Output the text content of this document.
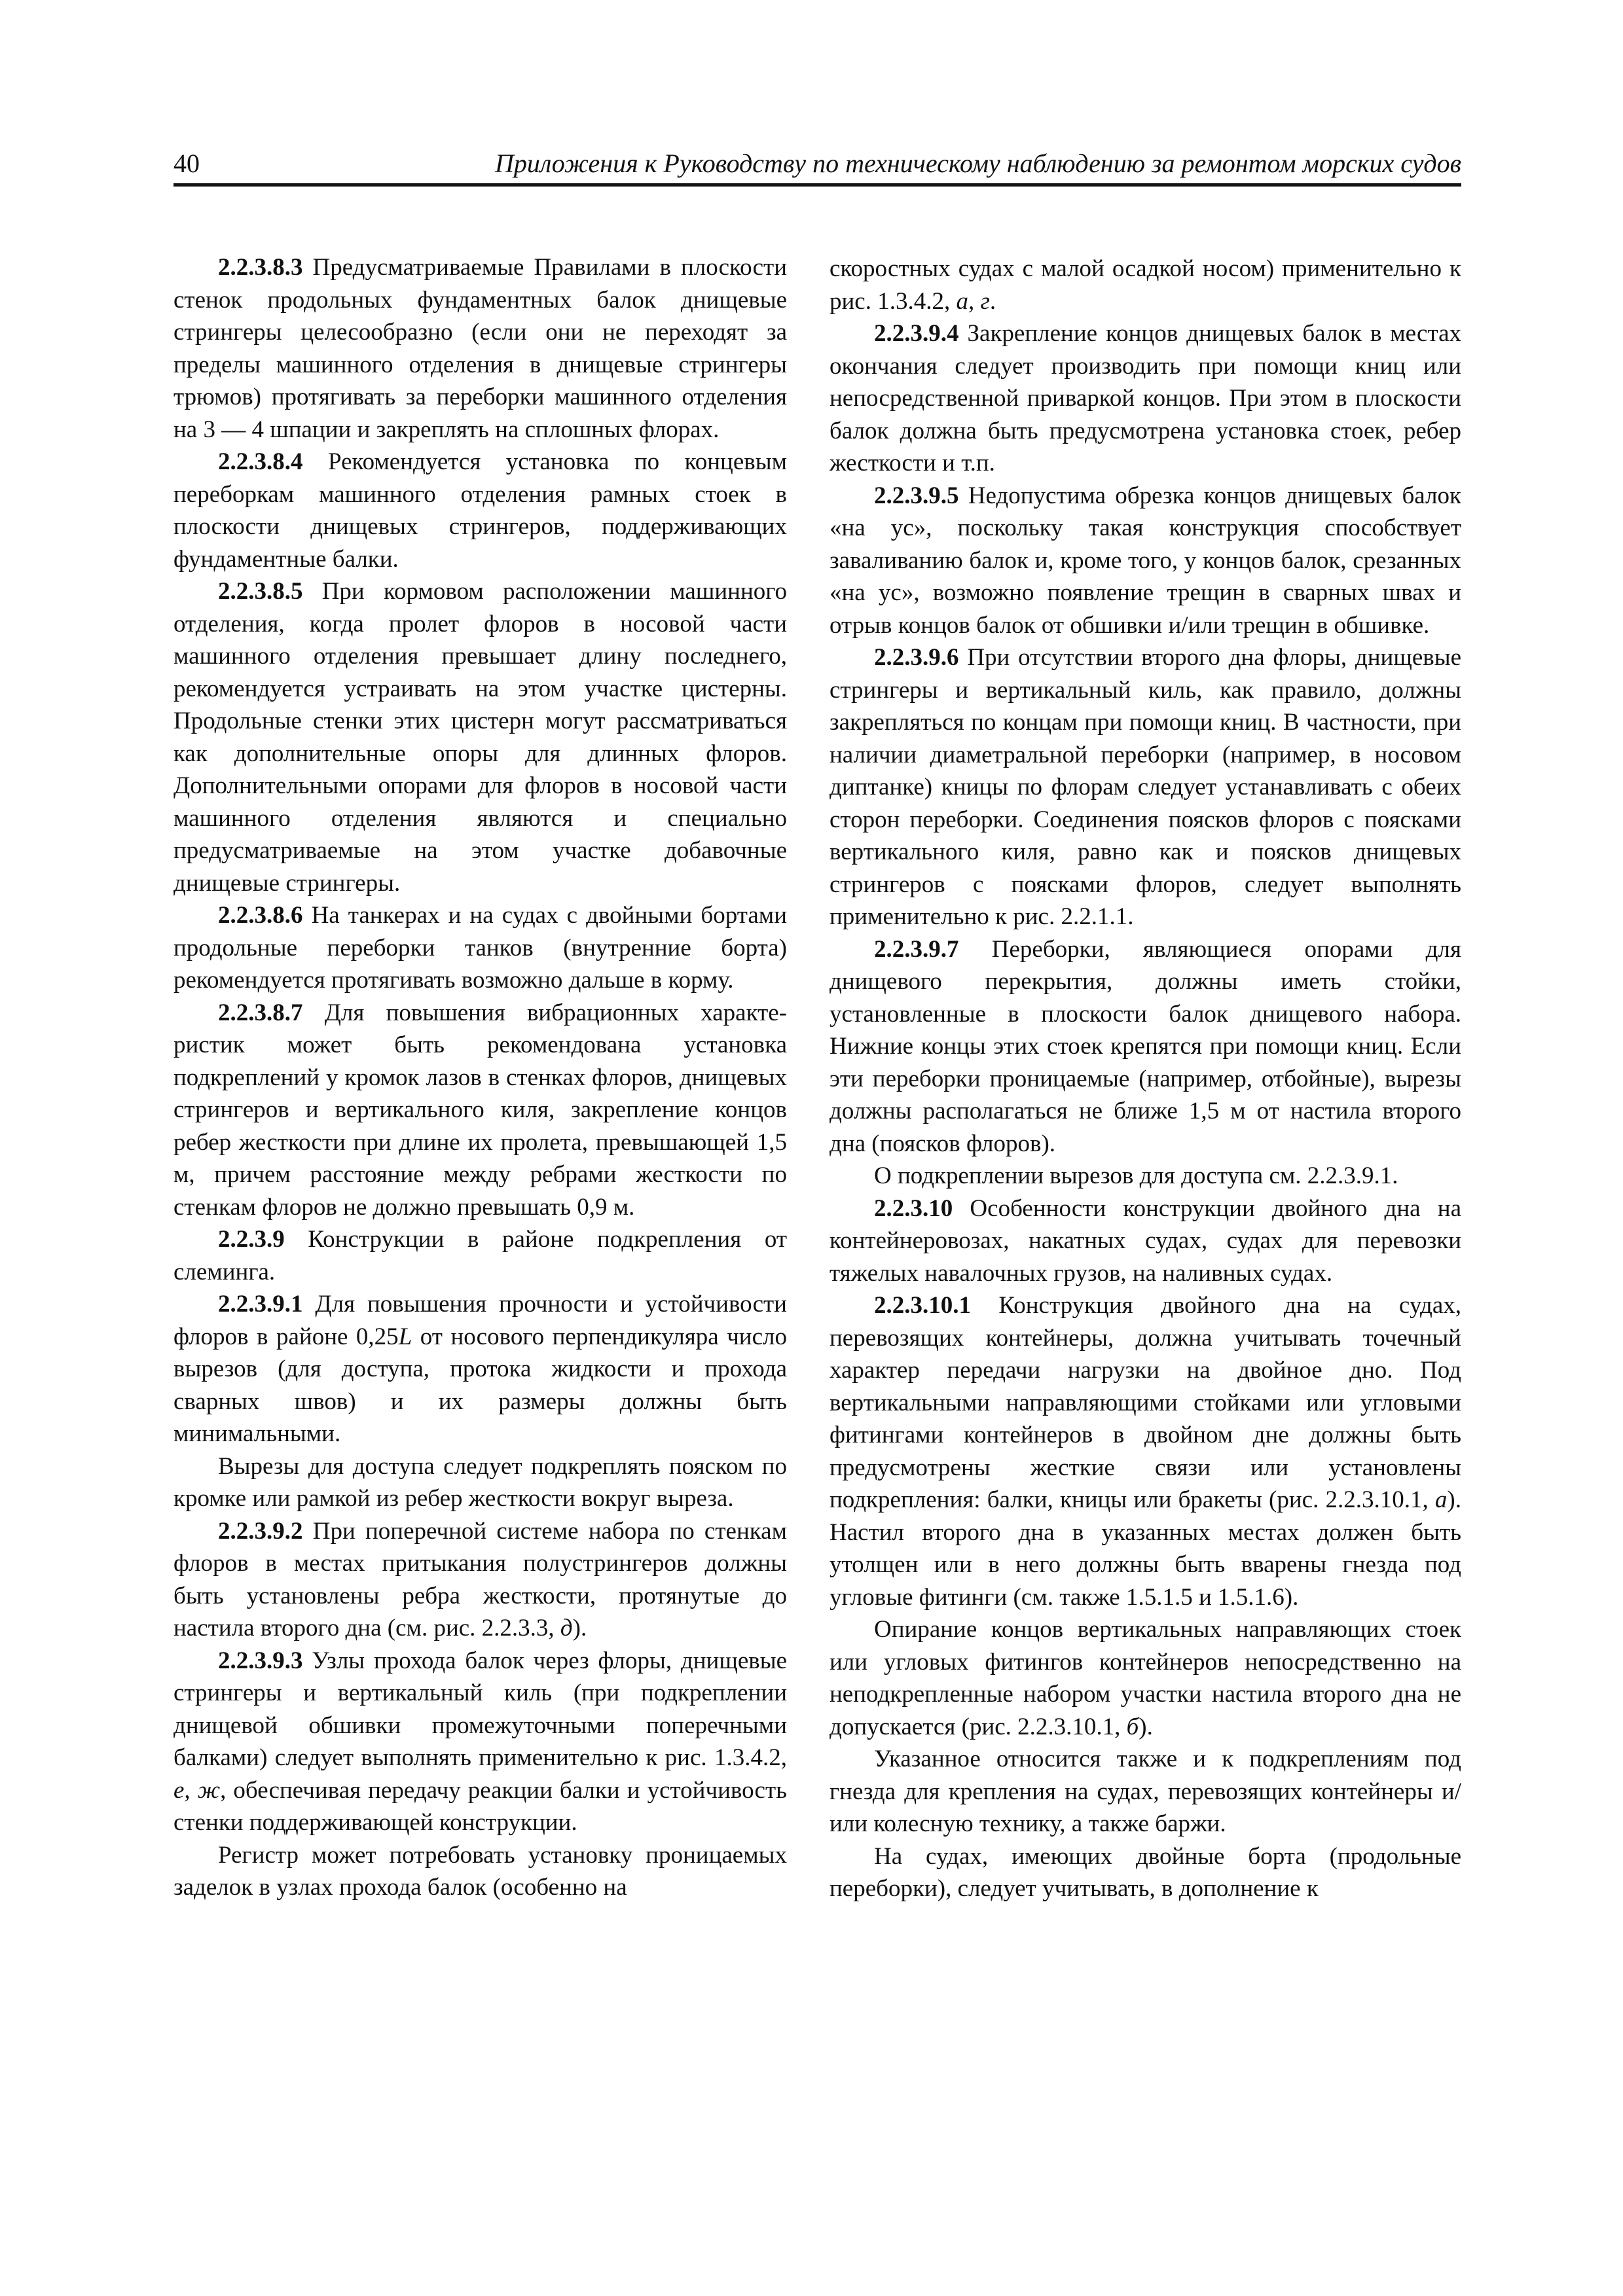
40	Приложения к Руководству по техническому наблюдению за ремонтом морских судов

2.2.3.8.3 Предусматриваемые Правилами в плоскости стенок продольных фундаментных балок днищевые стрингеры целесообразно (если они не переходят за пределы машинного отделения в днищевые стрингеры трюмов) протягивать за переборки машинного отделения на 3 — 4 шпации и закреплять на сплошных флорах.

2.2.3.8.4 Рекомендуется установка по концевым переборкам машинного отделения рамных стоек в плоскости днищевых стрингеров, поддерживающих фундаментные балки.

2.2.3.8.5 При кормовом расположении машинного отделения, когда пролет флоров в носовой части машинного отделения превышает длину последнего, рекомендуется устраивать на этом участке цистерны. Продольные стенки этих цистерн могут рассматриваться как дополнительные опоры для длинных флоров. Дополнительными опорами для флоров в носовой части машинного отделения являются и специально предусматриваемые на этом участке добавочные днищевые стрингеры.

2.2.3.8.6 На танкерах и на судах с двойными бортами продольные переборки танков (внутренние борта) рекомендуется протягивать возможно дальше в корму.

2.2.3.8.7 Для повышения вибрационных характеристик может быть рекомендована установка подкреплений у кромок лазов в стенках флоров, днищевых стрингеров и вертикального киля, закрепление концов ребер жесткости при длине их пролета, превышающей 1,5 м, причем расстояние между ребрами жесткости по стенкам флоров не должно превышать 0,9 м.

2.2.3.9 Конструкции в районе подкрепления от слеминга.

2.2.3.9.1 Для повышения прочности и устойчивости флоров в районе 0,25L от носового перпендикуляра число вырезов (для доступа, протока жидкости и прохода сварных швов) и их размеры должны быть минимальными.

Вырезы для доступа следует подкреплять пояском по кромке или рамкой из ребер жесткости вокруг выреза.

2.2.3.9.2 При поперечной системе набора по стенкам флоров в местах притыкания полустрингеров должны быть установлены ребра жесткости, протянутые до настила второго дна (см. рис. 2.2.3.3, д).

2.2.3.9.3 Узлы прохода балок через флоры, днищевые стрингеры и вертикальный киль (при подкреплении днищевой обшивки промежуточными поперечными балками) следует выполнять применительно к рис. 1.3.4.2, е, ж, обеспечивая передачу реакции балки и устойчивость стенки поддерживающей конструкции.

Регистр может потребовать установку проницаемых заделок в узлах прохода балок (особенно на

скоростных судах с малой осадкой носом) применительно к рис. 1.3.4.2, а, г.

2.2.3.9.4 Закрепление концов днищевых балок в местах окончания следует производить при помощи книц или непосредственной приваркой концов. При этом в плоскости балок должна быть предусмотрена установка стоек, ребер жесткости и т.п.

2.2.3.9.5 Недопустима обрезка концов днищевых балок «на ус», поскольку такая конструкция способствует заваливанию балок и, кроме того, у концов балок, срезанных «на ус», возможно появление трещин в сварных швах и отрыв концов балок от обшивки и/или трещин в обшивке.

2.2.3.9.6 При отсутствии второго дна флоры, днищевые стрингеры и вертикальный киль, как правило, должны закрепляться по концам при помощи книц. В частности, при наличии диаметральной переборки (например, в носовом диптанке) кницы по флорам следует устанавливать с обеих сторон переборки. Соединения поясков флоров с поясками вертикального киля, равно как и поясков днищевых стрингеров с поясками флоров, следует выполнять применительно к рис. 2.2.1.1.

2.2.3.9.7 Переборки, являющиеся опорами для днищевого перекрытия, должны иметь стойки, установленные в плоскости балок днищевого набора. Нижние концы этих стоек крепятся при помощи книц. Если эти переборки проницаемые (например, отбойные), вырезы должны располагаться не ближе 1,5 м от настила второго дна (поясков флоров).

О подкреплении вырезов для доступа см. 2.2.3.9.1.

2.2.3.10 Особенности конструкции двойного дна на контейнеровозах, накатных судах, судах для перевозки тяжелых навалочных грузов, на наливных судах.

2.2.3.10.1 Конструкция двойного дна на судах, перевозящих контейнеры, должна учитывать точечный характер передачи нагрузки на двойное дно. Под вертикальными направляющими стойками или угловыми фитингами контейнеров в двойном дне должны быть предусмотрены жесткие связи или установлены подкрепления: балки, кницы или бракеты (рис. 2.2.3.10.1, а). Настил второго дна в указанных местах должен быть утолщен или в него должны быть вварены гнезда под угловые фитинги (см. также 1.5.1.5 и 1.5.1.6).

Опирание концов вертикальных направляющих стоек или угловых фитингов контейнеров непосредственно на неподкрепленные набором участки настила второго дна не допускается (рис. 2.2.3.10.1, б).

Указанное относится также и к подкреплениям под гнезда для крепления на судах, перевозящих контейнеры и/или колесную технику, а также баржи.

На судах, имеющих двойные борта (продольные переборки), следует учитывать, в дополнение к
